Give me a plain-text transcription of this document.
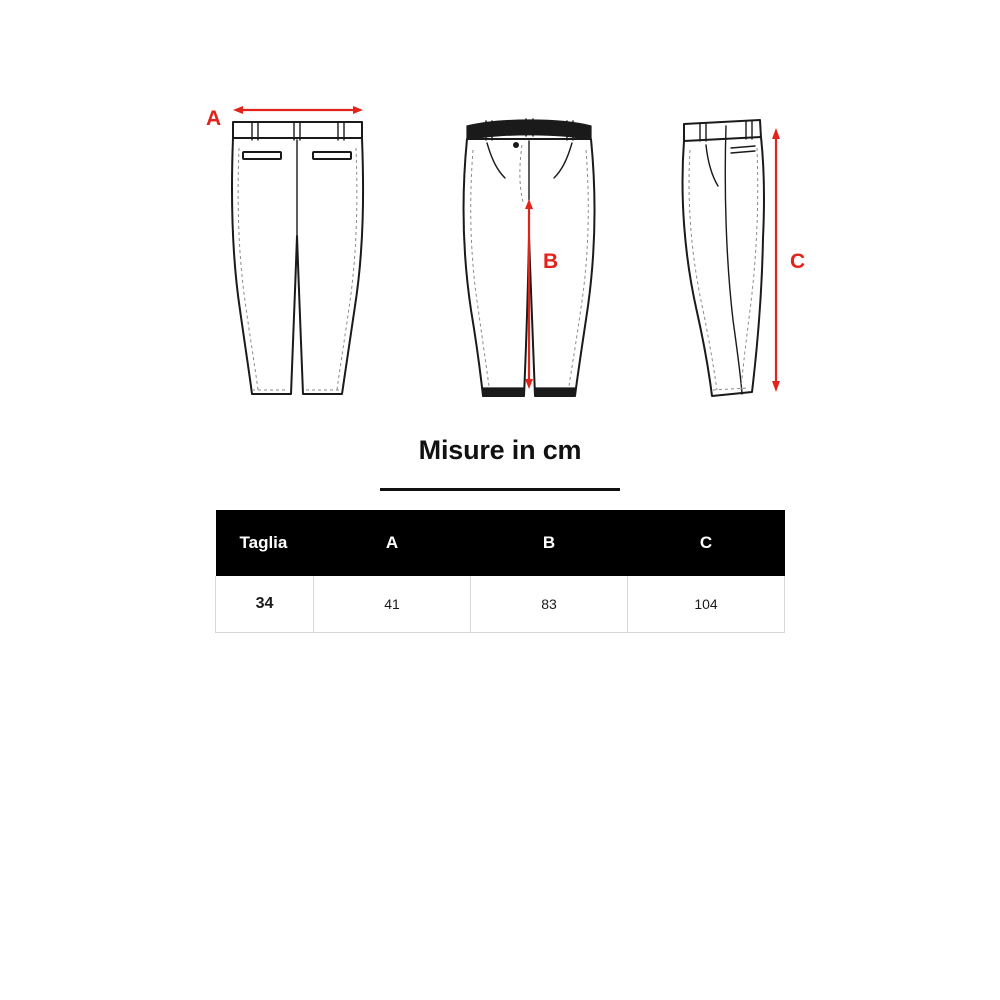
A
B	C
Misure in cm
Taglia	A	B	C
34	41	83	104
